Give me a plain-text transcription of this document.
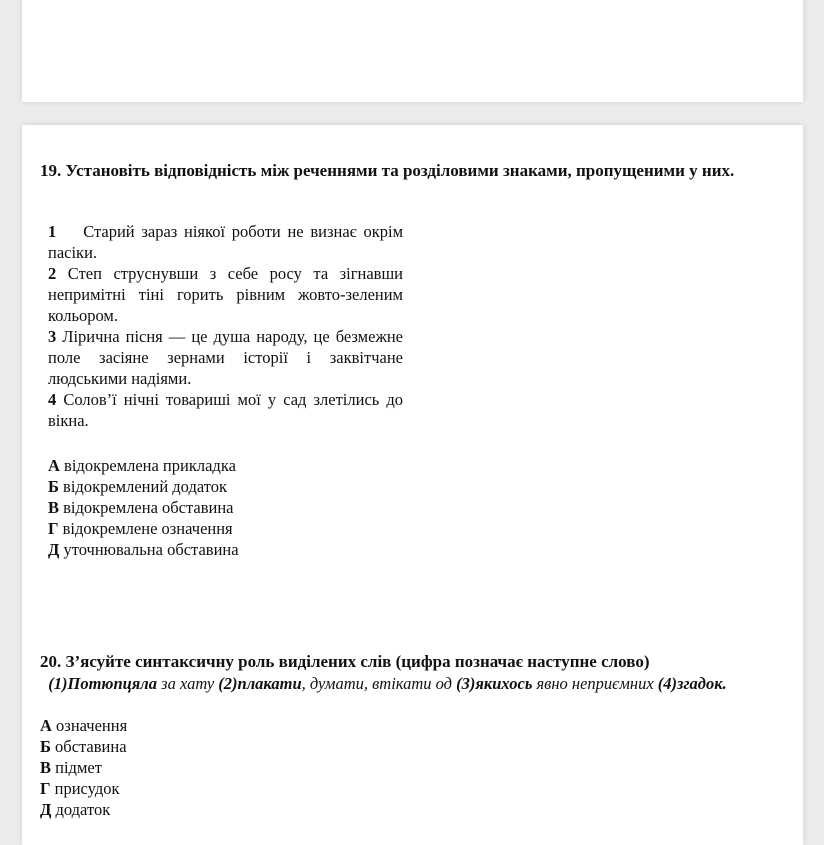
19. Установіть відповідність між реченнями та розділовими знаками, пропущеними у них.
1 Старий зараз ніякої роботи не визнає окрім пасіки.
2 Степ струснувши з себе росу та зігнавши непримітні тіні горить рівним жовто-зеленим кольором.
3 Лірична пісня — це душа народу, це безмежне поле засіяне зернами історії і заквітчане людськими надіями.
4 Солов’ї нічні товариші мої у сад злетілись до вікна.
А відокремлена прикладка
Б відокремлений додаток
В відокремлена обставина
Г відокремлене означення
Д уточнювальна обставина
20. З’ясуйте синтаксичну роль виділених слів (цифра позначає наступне слово)
(1)Потюпцяла за хату (2)плакати, думати, втікати од (3)якихось явно неприємних (4)згадок.
А означення
Б обставина
В підмет
Г присудок
Д додаток
